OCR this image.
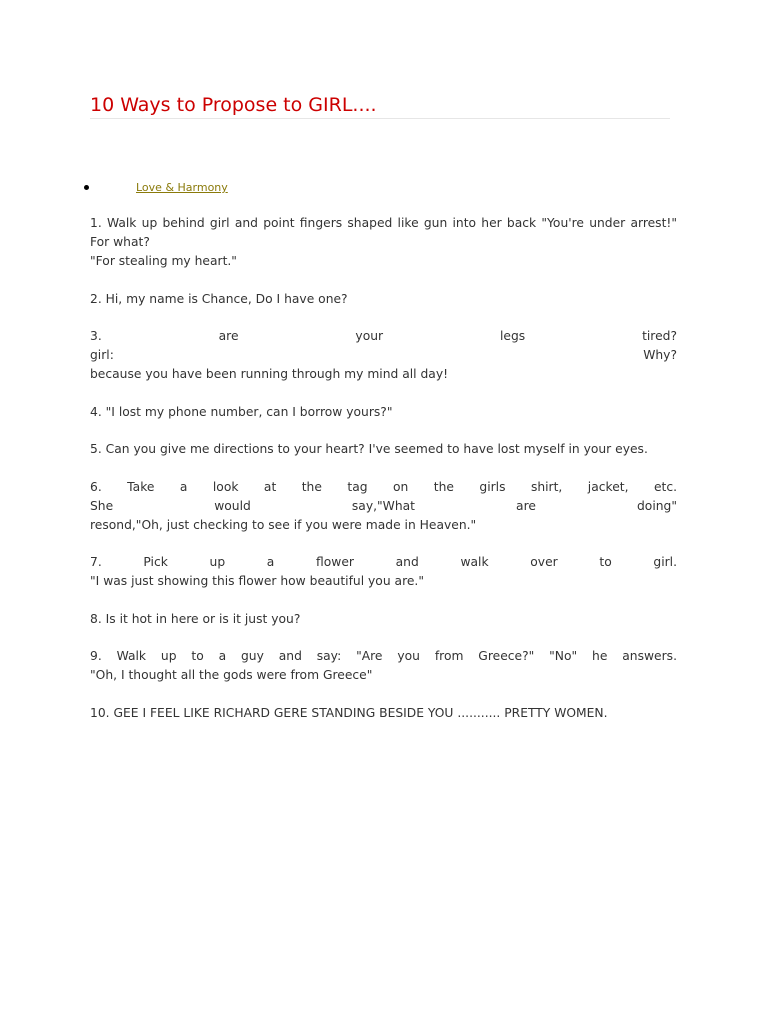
10 Ways to Propose to GIRL....
Love & Harmony

1. Walk up behind girl and point fingers shaped like gun into her back "You're under arrest!" For what?
"For stealing my heart."

2. Hi, my name is Chance, Do I have one?

3. are your legs tired?
girl: Why?
because you have been running through my mind all day!

4. "I lost my phone number, can I borrow yours?"

5. Can you give me directions to your heart? I've seemed to have lost myself in your eyes.

6. Take a look at the tag on the girls shirt, jacket, etc.
She would say,"What are doing"
resond,"Oh, just checking to see if you were made in Heaven."

7. Pick up a flower and walk over to girl.
"I was just showing this flower how beautiful you are."

8. Is it hot in here or is it just you?

9. Walk up to a guy and say: "Are you from Greece?" "No" he answers.
"Oh, I thought all the gods were from Greece"

10. GEE I FEEL LIKE RICHARD GERE STANDING BESIDE YOU ........... PRETTY WOMEN.
